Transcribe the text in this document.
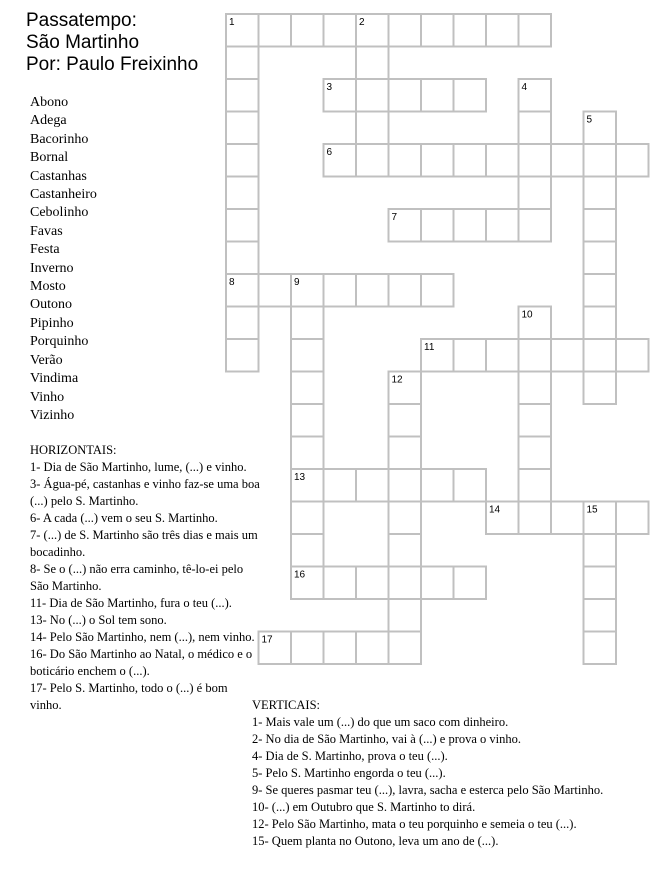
Passatempo:
São Martinho
Por: Paulo Freixinho
Abono
Adega
Bacorinho
Bornal
Castanhas
Castanheiro
Cebolinho
Favas
Festa
Inverno
Mosto
Outono
Pipinho
Porquinho
Verão
Vindima
Vinho
Vizinho
HORIZONTAIS:
1- Dia de São Martinho, lume, (...) e vinho.
3- Água-pé, castanhas e vinho faz-se uma boa (...) pelo S. Martinho.
6- A cada (...) vem o seu S. Martinho.
7- (...) de S. Martinho são três dias e mais um bocadinho.
8- Se o (...) não erra caminho, tê-lo-ei pelo São Martinho.
11- Dia de São Martinho, fura o teu (...).
13- No (...) o Sol tem sono.
14- Pelo São Martinho, nem (...), nem vinho.
16- Do São Martinho ao Natal, o médico e o boticário enchem o (...).
17- Pelo S. Martinho, todo o (...) é bom vinho.	VERTICAIS:
1- Mais vale um (...) do que um saco com dinheiro.
2- No dia de São Martinho, vai à (...) e prova o vinho.
4- Dia de S. Martinho, prova o teu (...).
5- Pelo S. Martinho engorda o teu (...).
9- Se queres pasmar teu (...), lavra, sacha e esterca pelo São Martinho.
10- (...) em Outubro que S. Martinho to dirá.
12- Pelo São Martinho, mata o teu porquinho e semeia o teu (...).
15- Quem planta no Outono, leva um ano de (...).
1	2
3	4
5
6
7
8	9
10
11
12
13
14	15
16
17
